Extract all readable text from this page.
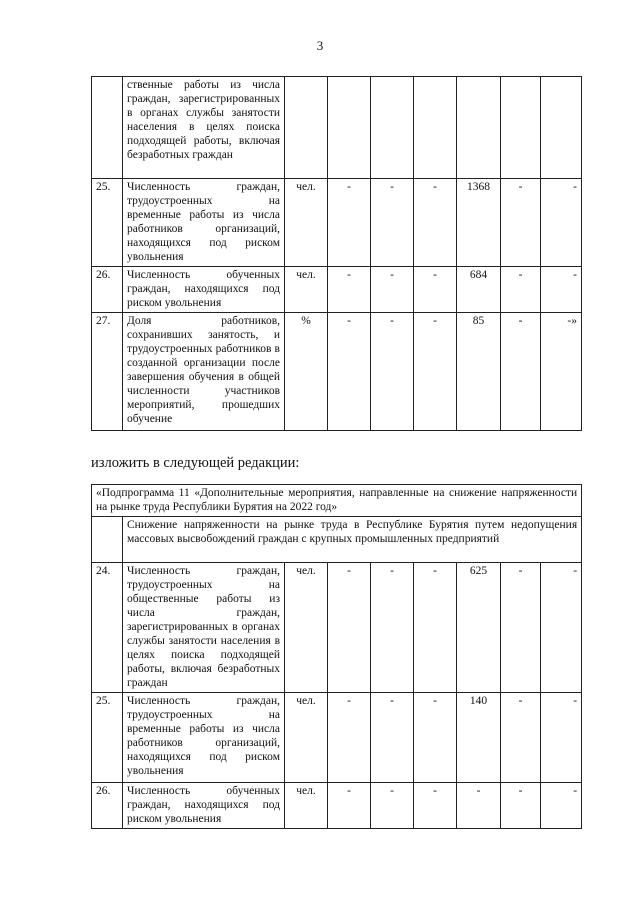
3
	ственные работы из числа граждан, зарегистрированных в органах службы занятости населения в целях поиска подходящей работы, включая безработных граждан							
25.	Численность граждан, трудоустроенных на временные работы из числа работников организаций, находящихся под риском увольнения	чел.	-	-	-	1368	-	-
26.	Численность обученных граждан, находящихся под риском увольнения	чел.	-	-	-	684	-	-
27.	Доля работников, сохранивших занятость, и трудоустроенных работников в созданной организации после завершения обучения в общей численности участников мероприятий, прошедших обучение	%	-	-	-	85	-	-»
изложить в следующей редакции:
«Подпрограмма 11 «Дополнительные мероприятия, направленные на снижение напряженности на рынке труда Республики Бурятия на 2022 год»								
	Снижение напряженности на рынке труда в Республике Бурятия путем недопущения массовых высвобождений граждан с крупных промышленных предприятий							
24.	Численность граждан, трудоустроенных на общественные работы из числа граждан, зарегистрированных в органах службы занятости населения в целях поиска подходящей работы, включая безработных граждан	чел.	-	-	-	625	-	-
25.	Численность граждан, трудоустроенных на временные работы из числа работников организаций, находящихся под риском увольнения	чел.	-	-	-	140	-	-
26.	Численность обученных граждан, находящихся под риском увольнения	чел.	-	-	-	-	-	-
